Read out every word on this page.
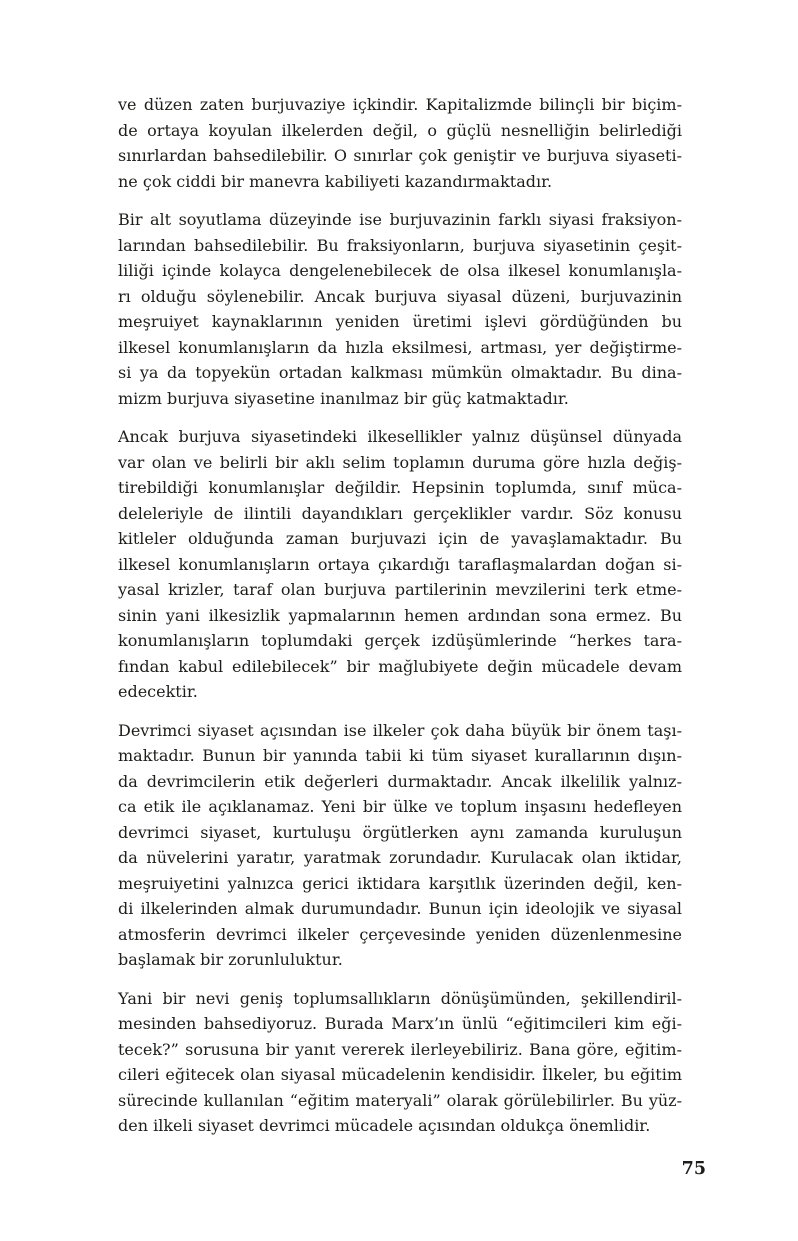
ve düzen zaten burjuvaziye içkindir. Kapitalizmde bilinçli bir biçim-
de ortaya koyulan ilkelerden değil, o güçlü nesnelliğin belirlediği
sınırlardan bahsedilebilir. O sınırlar çok geniştir ve burjuva siyaseti-
ne çok ciddi bir manevra kabiliyeti kazandırmaktadır.
Bir alt soyutlama düzeyinde ise burjuvazinin farklı siyasi fraksiyon-
larından bahsedilebilir. Bu fraksiyonların, burjuva siyasetinin çeşit-
liliği içinde kolayca dengelenebilecek de olsa ilkesel konumlanışla-
rı olduğu söylenebilir. Ancak burjuva siyasal düzeni, burjuvazinin
meşruiyet kaynaklarının yeniden üretimi işlevi gördüğünden bu
ilkesel konumlanışların da hızla eksilmesi, artması, yer değiştirme-
si ya da topyekün ortadan kalkması mümkün olmaktadır. Bu dina-
mizm burjuva siyasetine inanılmaz bir güç katmaktadır.
Ancak burjuva siyasetindeki ilkesellikler yalnız düşünsel dünyada
var olan ve belirli bir aklı selim toplamın duruma göre hızla değiş-
tirebildiği konumlanışlar değildir. Hepsinin toplumda, sınıf müca-
deleleriyle de ilintili dayandıkları gerçeklikler vardır. Söz konusu
kitleler olduğunda zaman burjuvazi için de yavaşlamaktadır. Bu
ilkesel konumlanışların ortaya çıkardığı taraflaşmalardan doğan si-
yasal krizler, taraf olan burjuva partilerinin mevzilerini terk etme-
sinin yani ilkesizlik yapmalarının hemen ardından sona ermez. Bu
konumlanışların toplumdaki gerçek izdüşümlerinde “herkes tara-
fından kabul edilebilecek” bir mağlubiyete değin mücadele devam
edecektir.
Devrimci siyaset açısından ise ilkeler çok daha büyük bir önem taşı-
maktadır. Bunun bir yanında tabii ki tüm siyaset kurallarının dışın-
da devrimcilerin etik değerleri durmaktadır. Ancak ilkelilik yalnız-
ca etik ile açıklanamaz. Yeni bir ülke ve toplum inşasını hedefleyen
devrimci siyaset, kurtuluşu örgütlerken aynı zamanda kuruluşun
da nüvelerini yaratır, yaratmak zorundadır. Kurulacak olan iktidar,
meşruiyetini yalnızca gerici iktidara karşıtlık üzerinden değil, ken-
di ilkelerinden almak durumundadır. Bunun için ideolojik ve siyasal
atmosferin devrimci ilkeler çerçevesinde yeniden düzenlenmesine
başlamak bir zorunluluktur.
Yani bir nevi geniş toplumsallıkların dönüşümünden, şekillendiril-
mesinden bahsediyoruz. Burada Marx’ın ünlü “eğitimcileri kim eği-
tecek?” sorusuna bir yanıt vererek ilerleyebiliriz. Bana göre, eğitim-
cileri eğitecek olan siyasal mücadelenin kendisidir. İlkeler, bu eğitim
sürecinde kullanılan “eğitim materyali” olarak görülebilirler. Bu yüz-
den ilkeli siyaset devrimci mücadele açısından oldukça önemlidir.
75
